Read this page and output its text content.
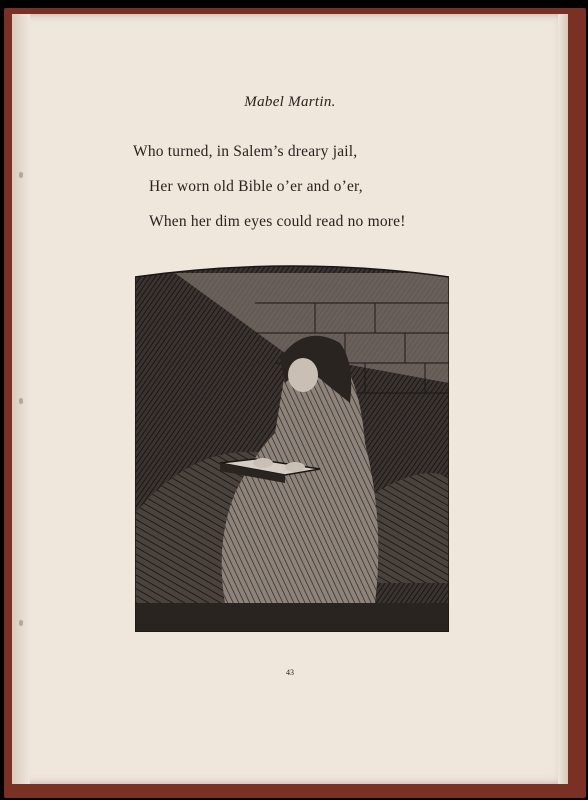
Mabel Martin.
Who turned, in Salem’s dreary jail,
Her worn old Bible o’er and o’er,
When her dim eyes could read no more!
43
